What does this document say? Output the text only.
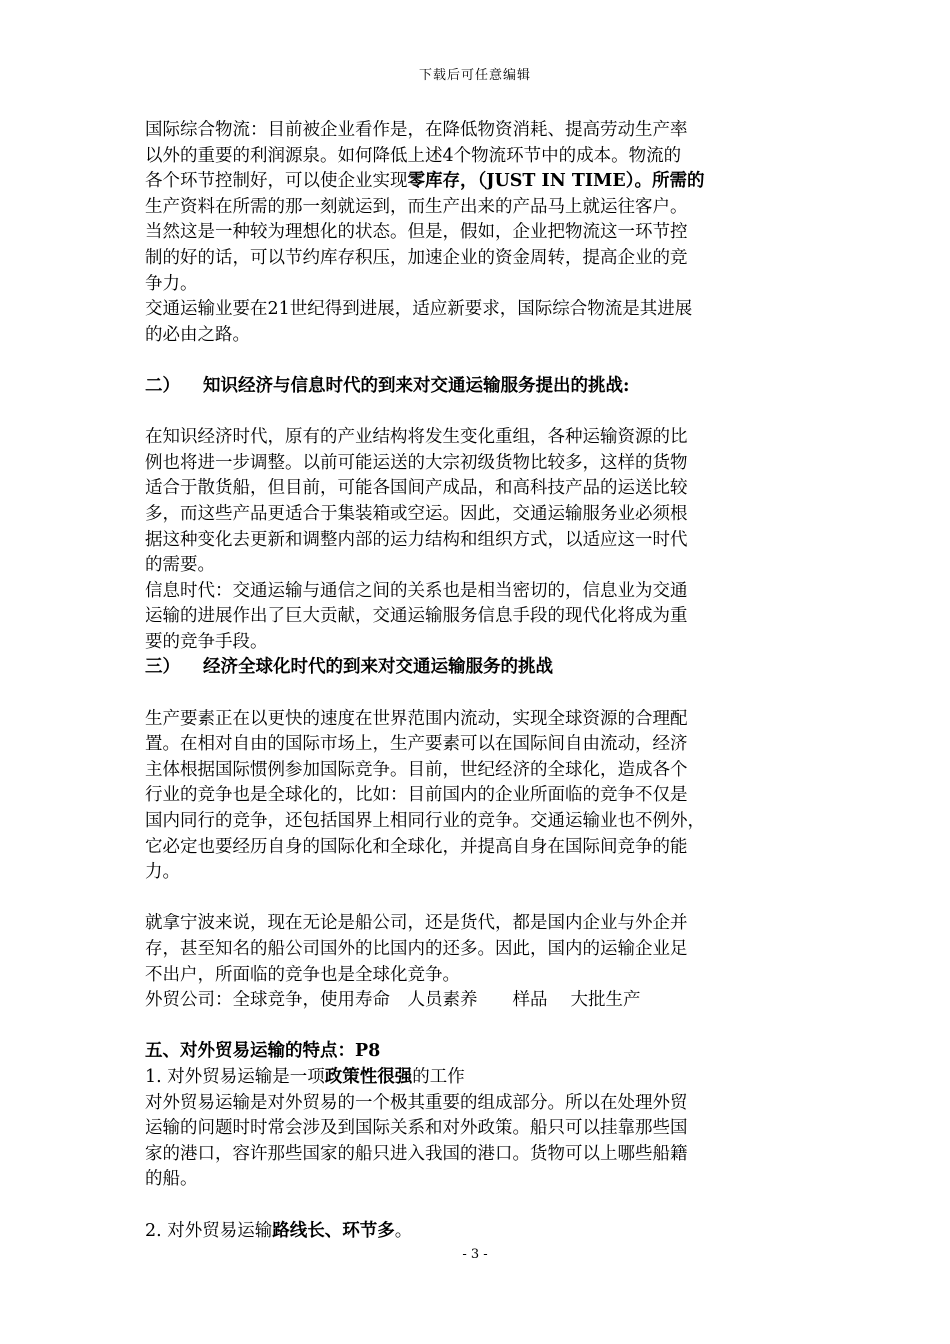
下载后可任意编辑
国际综合物流：目前被企业看作是，在降低物资消耗、提高劳动生产率
以外的重要的利润源泉。如何降低上述4个物流环节中的成本。物流的
各个环节控制好，可以使企业实现零库存，（JUST IN TIME）。所需的
生产资料在所需的那一刻就运到，而生产出来的产品马上就运往客户。
当然这是一种较为理想化的状态。但是，假如，企业把物流这一环节控
制的好的话，可以节约库存积压，加速企业的资金周转，提高企业的竞
争力。
交通运输业要在21世纪得到进展，适应新要求，国际综合物流是其进展
的必由之路。
二） 知识经济与信息时代的到来对交通运输服务提出的挑战:
在知识经济时代，原有的产业结构将发生变化重组，各种运输资源的比
例也将进一步调整。以前可能运送的大宗初级货物比较多，这样的货物
适合于散货船，但目前，可能各国间产成品，和高科技产品的运送比较
多，而这些产品更适合于集装箱或空运。因此，交通运输服务业必须根
据这种变化去更新和调整内部的运力结构和组织方式，以适应这一时代
的需要。
信息时代：交通运输与通信之间的关系也是相当密切的，信息业为交通
运输的进展作出了巨大贡献，交通运输服务信息手段的现代化将成为重
要的竞争手段。
三） 经济全球化时代的到来对交通运输服务的挑战
生产要素正在以更快的速度在世界范围内流动，实现全球资源的合理配
置。在相对自由的国际市场上，生产要素可以在国际间自由流动，经济
主体根据国际惯例参加国际竞争。目前，世纪经济的全球化，造成各个
行业的竞争也是全球化的，比如：目前国内的企业所面临的竞争不仅是
国内同行的竞争，还包括国界上相同行业的竞争。交通运输业也不例外，
它必定也要经历自身的国际化和全球化，并提高自身在国际间竞争的能
力。
就拿宁波来说，现在无论是船公司，还是货代，都是国内企业与外企并
存，甚至知名的船公司国外的比国内的还多。因此，国内的运输企业足
不出户，所面临的竞争也是全球化竞争。
外贸公司：全球竞争，使用寿命　人员素养　　样品　 大批生产
五、对外贸易运输的特点：P8
1. 对外贸易运输是一项政策性很强的工作
对外贸易运输是对外贸易的一个极其重要的组成部分。所以在处理外贸
运输的问题时时常会涉及到国际关系和对外政策。船只可以挂靠那些国
家的港口，容许那些国家的船只进入我国的港口。货物可以上哪些船籍
的船。
2. 对外贸易运输路线长、环节多。
- 3 -
